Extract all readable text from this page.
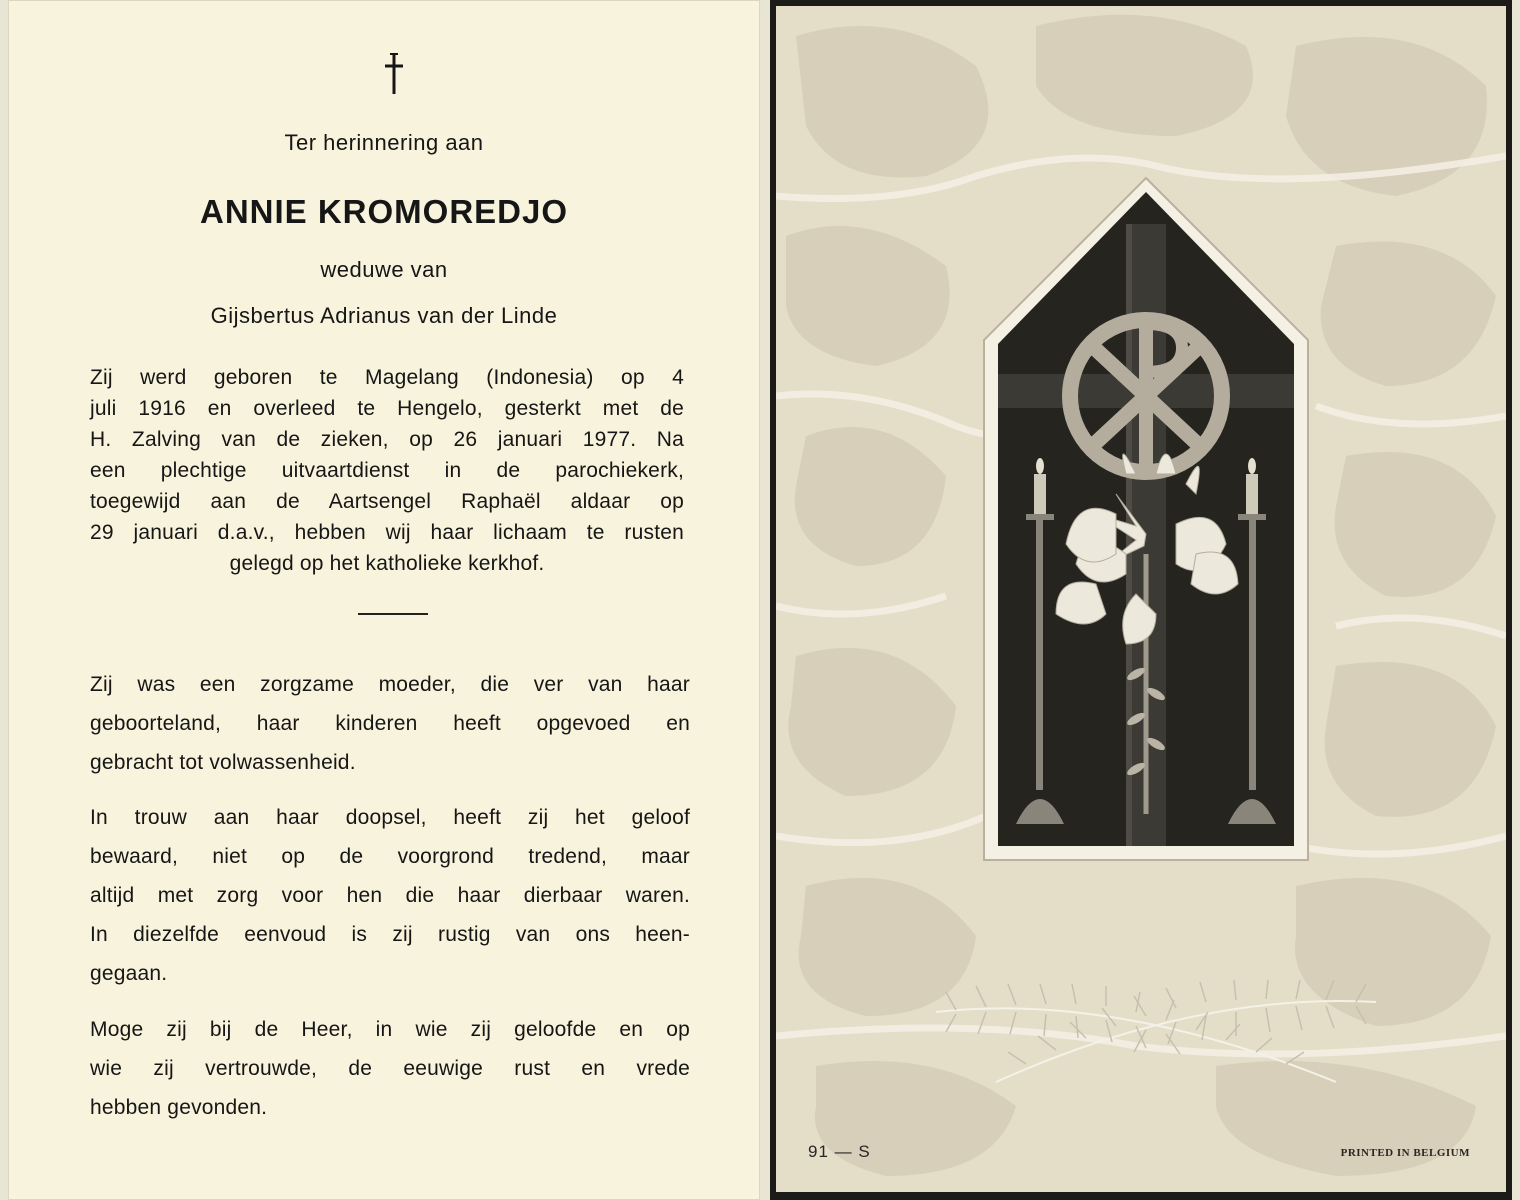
Ter herinnering aan
ANNIE KROMOREDJO
weduwe van
Gijsbertus Adrianus van der Linde
Zij werd geboren te Magelang (Indonesia) op 4
juli 1916 en overleed te Hengelo, gesterkt met de
H. Zalving van de zieken, op 26 januari 1977. Na
een plechtige uitvaartdienst in de parochiekerk,
toegewijd aan de Aartsengel Raphaël aldaar op
29 januari d.a.v., hebben wij haar lichaam te rusten
gelegd op het katholieke kerkhof.
Zij was een zorgzame moeder, die ver van haar
geboorteland, haar kinderen heeft opgevoed en
gebracht tot volwassenheid.
In trouw aan haar doopsel, heeft zij het geloof
bewaard, niet op de voorgrond tredend, maar
altijd met zorg voor hen die haar dierbaar waren.
In diezelfde eenvoud is zij rustig van ons heen-
gegaan.
Moge zij bij de Heer, in wie zij geloofde en op
wie zij vertrouwde, de eeuwige rust en vrede
hebben gevonden.
91 — S	PRINTED IN BELGIUM
